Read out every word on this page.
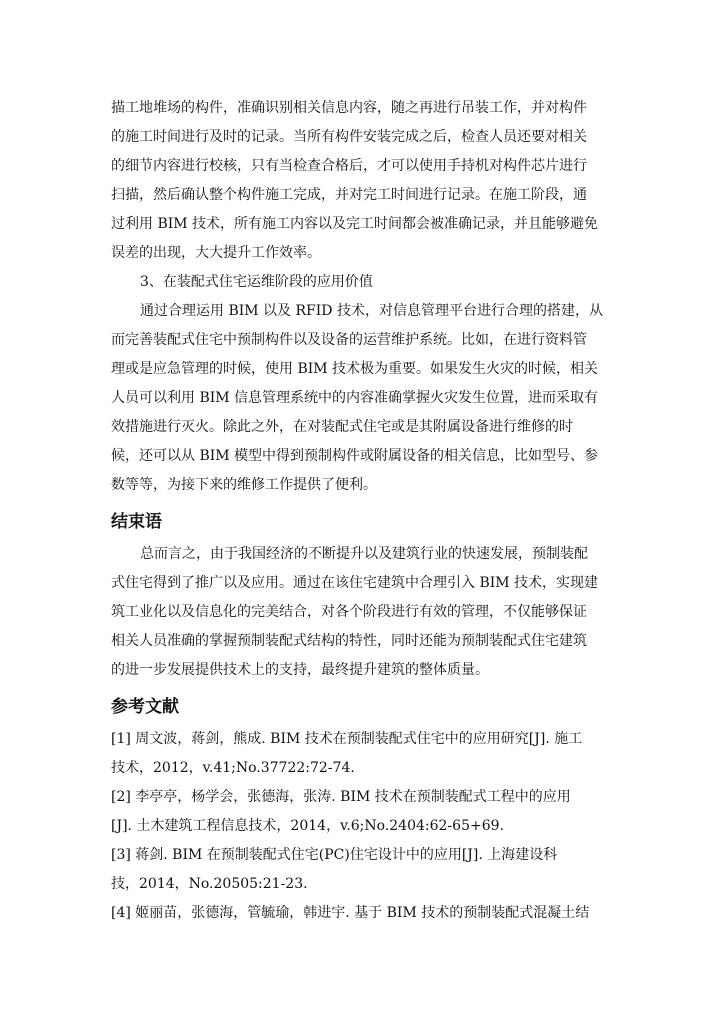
描工地堆场的构件，准确识别相关信息内容，随之再进行吊装工作，并对构件
的施工时间进行及时的记录。当所有构件安装完成之后，检查人员还要对相关
的细节内容进行校核，只有当检查合格后，才可以使用手持机对构件芯片进行
扫描，然后确认整个构件施工完成，并对完工时间进行记录。在施工阶段，通
过利用 BIM 技术，所有施工内容以及完工时间都会被准确记录，并且能够避免
误差的出现，大大提升工作效率。
3、在装配式住宅运维阶段的应用价值
通过合理运用 BIM 以及 RFID 技术，对信息管理平台进行合理的搭建，从
而完善装配式住宅中预制构件以及设备的运营维护系统。比如，在进行资料管
理或是应急管理的时候，使用 BIM 技术极为重要。如果发生火灾的时候，相关
人员可以利用 BIM 信息管理系统中的内容准确掌握火灾发生位置，进而采取有
效措施进行灭火。除此之外，在对装配式住宅或是其附属设备进行维修的时
候，还可以从 BIM 模型中得到预制构件或附属设备的相关信息，比如型号、参
数等等，为接下来的维修工作提供了便利。
结束语
总而言之，由于我国经济的不断提升以及建筑行业的快速发展，预制装配
式住宅得到了推广以及应用。通过在该住宅建筑中合理引入 BIM 技术，实现建
筑工业化以及信息化的完美结合，对各个阶段进行有效的管理，不仅能够保证
相关人员准确的掌握预制装配式结构的特性，同时还能为预制装配式住宅建筑
的进一步发展提供技术上的支持，最终提升建筑的整体质量。
参考文献
[1] 周文波，蒋剑，熊成. BIM 技术在预制装配式住宅中的应用研究[J]. 施工
技术，2012，v.41;No.37722:72-74.
[2] 李亭亭，杨学会，张德海，张涛. BIM 技术在预制装配式工程中的应用
[J]. 土木建筑工程信息技术，2014，v.6;No.2404:62-65+69.
[3] 蒋剑. BIM 在预制装配式住宅(PC)住宅设计中的应用[J]. 上海建设科
技，2014，No.20505:21-23.
[4] 姬丽苗，张德海，管毓瑜，韩进宇. 基于 BIM 技术的预制装配式混凝土结
